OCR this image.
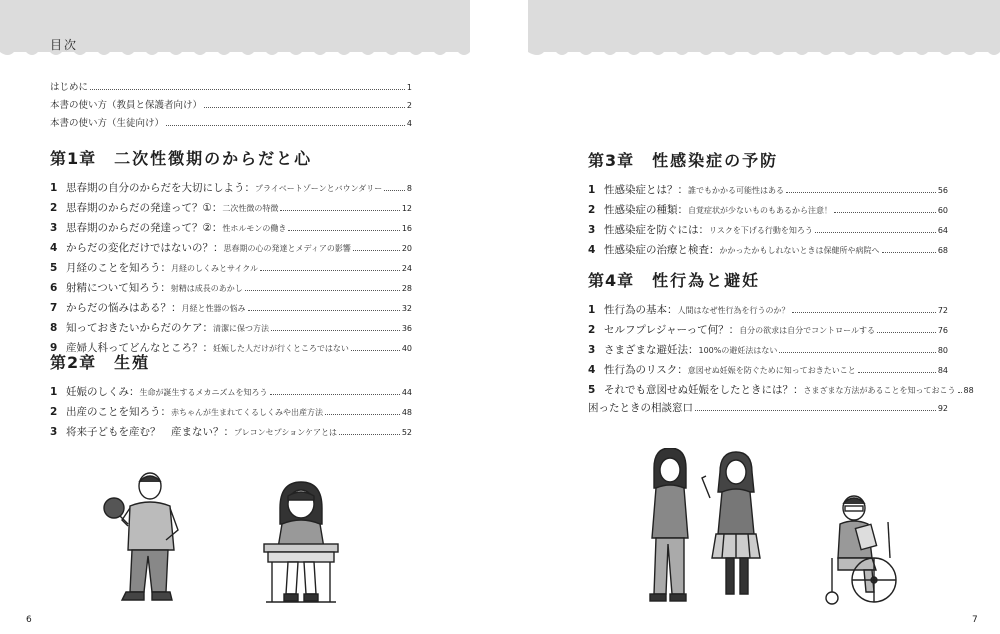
目次
はじめに	1
本書の使い方（教員と保護者向け）	2
本書の使い方（生徒向け）	4
第1章 二次性徴期のからだと心
1 思春期の自分のからだを大切にしよう： プライベートゾーンとバウンダリー	8
2 思春期のからだの発達って？①： 二次性徴の特徴	12
3 思春期のからだの発達って？②： 性ホルモンの働き	16
4 からだの変化だけではないの？： 思春期の心の発達とメディアの影響	20
5 月経のことを知ろう： 月経のしくみとサイクル	24
6 射精について知ろう： 射精は成長のあかし	28
7 からだの悩みはある？： 月経と性器の悩み	32
8 知っておきたいからだのケア： 清潔に保つ方法	36
9 産婦人科ってどんなところ？： 妊娠した人だけが行くところではない	40
第2章 生殖
1 妊娠のしくみ： 生命が誕生するメカニズムを知ろう	44
2 出産のことを知ろう： 赤ちゃんが生まれてくるしくみや出産方法	48
3 将来子どもを産む？　産まない？： プレコンセプションケアとは	52
6
第3章 性感染症の予防
1 性感染症とは？： 誰でもかかる可能性はある	56
2 性感染症の種類： 自覚症状が少ないものもあるから注意！	60
3 性感染症を防ぐには： リスクを下げる行動を知ろう	64
4 性感染症の治療と検査： かかったかもしれないときは保健所や病院へ	68
第4章 性行為と避妊
1 性行為の基本： 人間はなぜ性行為を行うのか？	72
2 セルフプレジャーって何？： 自分の欲求は自分でコントロールする	76
3 さまざまな避妊法： 100%の避妊法はない	80
4 性行為のリスク： 意図せぬ妊娠を防ぐために知っておきたいこと	84
5 それでも意図せぬ妊娠をしたときには？： さまざまな方法があることを知っておこう 88
困ったときの相談窓口	92
7
